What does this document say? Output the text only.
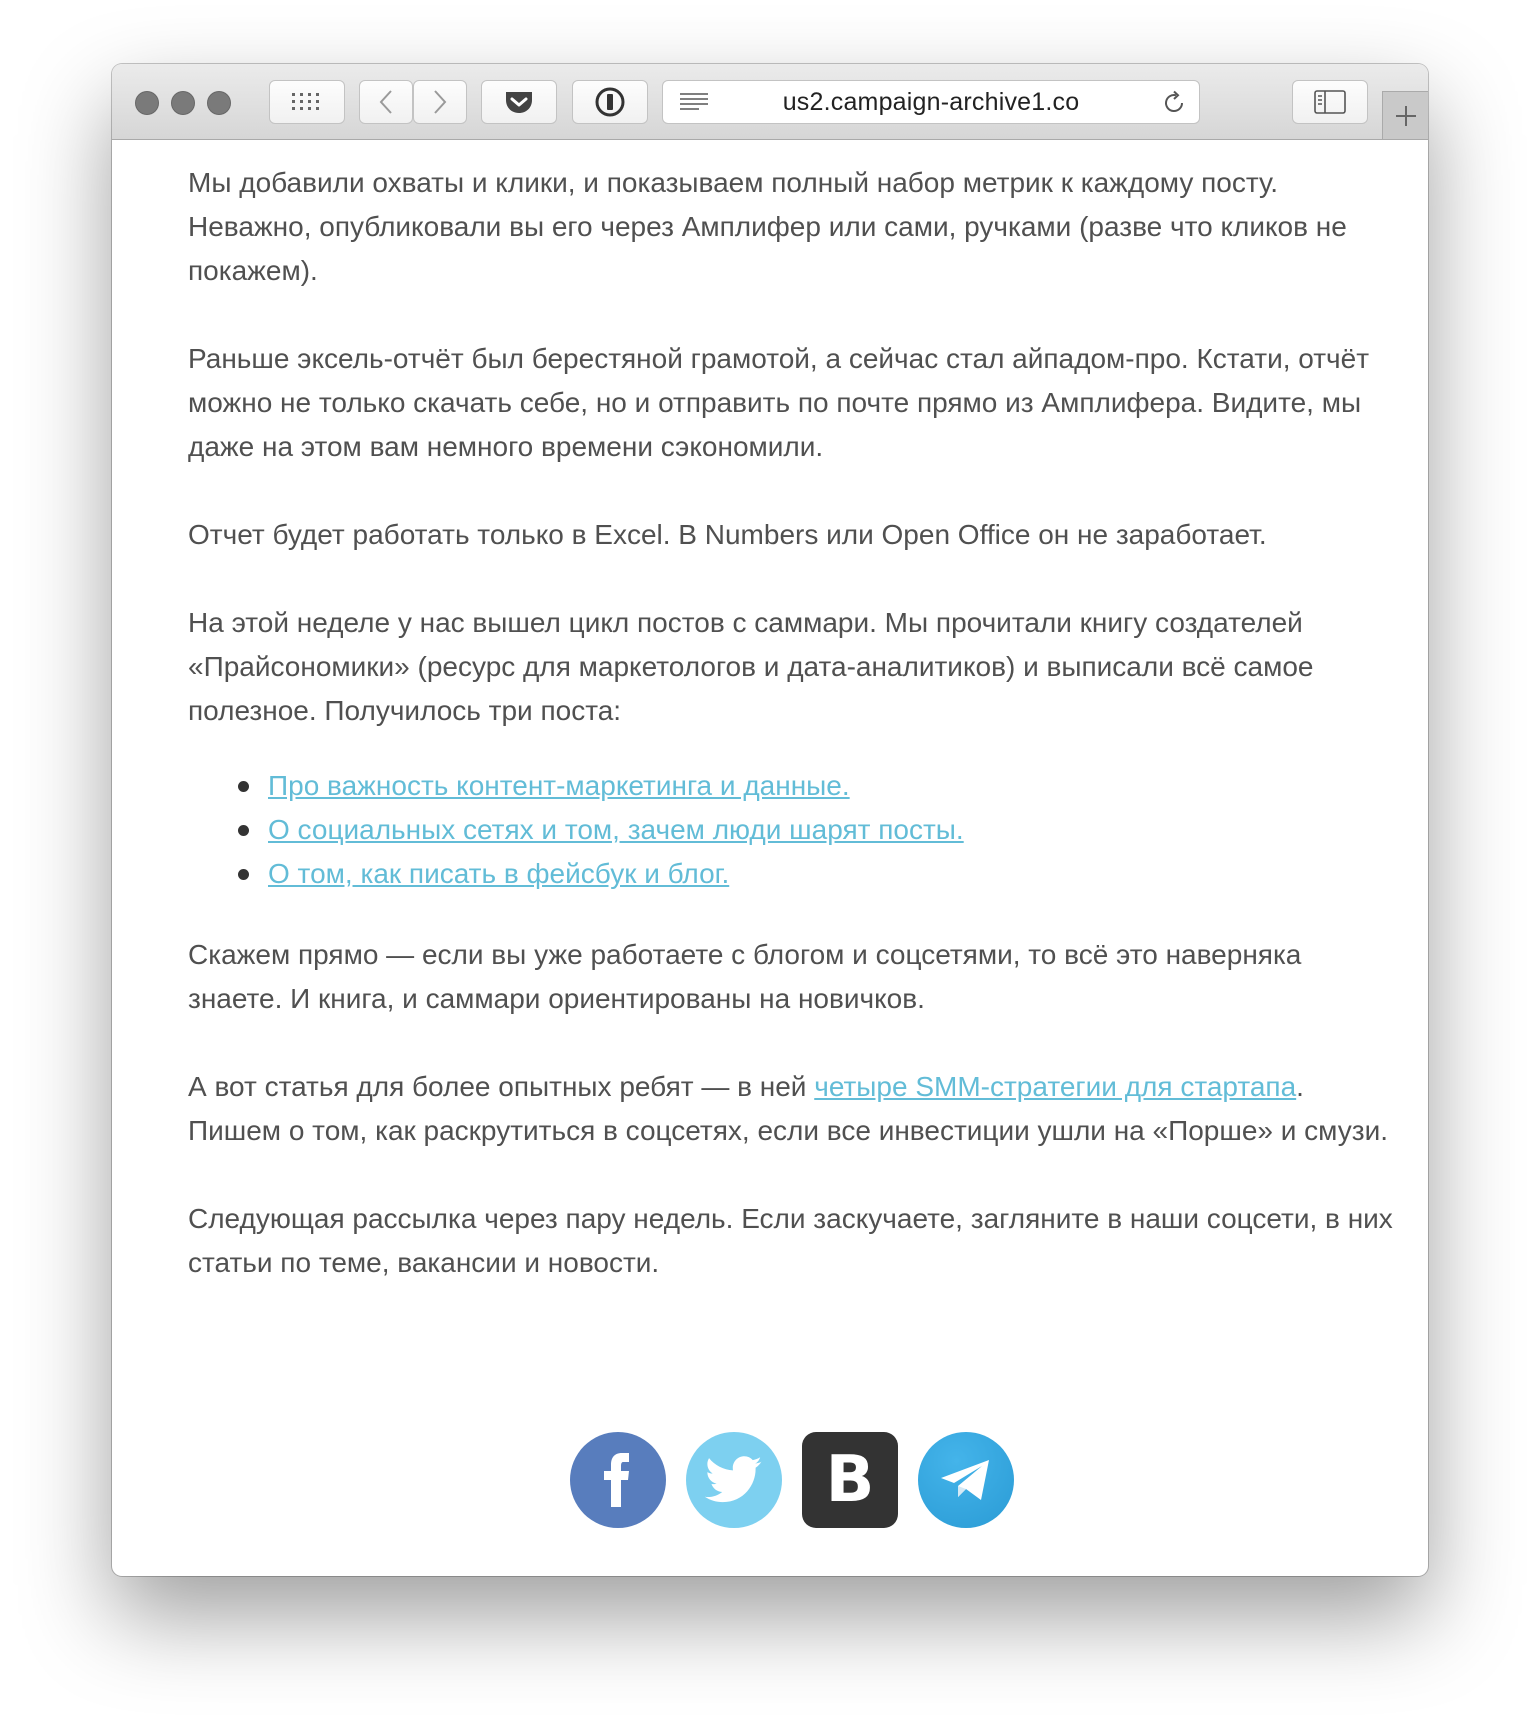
us2.campaign-archive1.co

Мы добавили охваты и клики, и показываем полный набор метрик к каждому посту. Неважно, опубликовали вы его через Амплифер или сами, ручками (разве что кликов не покажем).

Раньше эксель-отчёт был берестяной грамотой, а сейчас стал айпадом-про. Кстати, отчёт можно не только скачать себе, но и отправить по почте прямо из Амплифера. Видите, мы даже на этом вам немного времени сэкономили.

Отчет будет работать только в Excel. В Numbers или Open Office он не заработает.

На этой неделе у нас вышел цикл постов с саммари. Мы прочитали книгу создателей «Прайсономики» (ресурс для маркетологов и дата-аналитиков) и выписали всё самое полезное. Получилось три поста:

Про важность контент-маркетинга и данные.
О социальных сетях и том, зачем люди шарят посты.
О том, как писать в фейсбук и блог.

Скажем прямо — если вы уже работаете с блогом и соцсетями, то всё это наверняка знаете. И книга, и саммари ориентированы на новичков.

А вот статья для более опытных ребят — в ней четыре SMM-стратегии для стартапа. Пишем о том, как раскрутиться в соцсетях, если все инвестиции ушли на «Порше» и смузи.

Следующая рассылка через пару недель. Если заскучаете, загляните в наши соцсети, в них статьи по теме, вакансии и новости.

B
